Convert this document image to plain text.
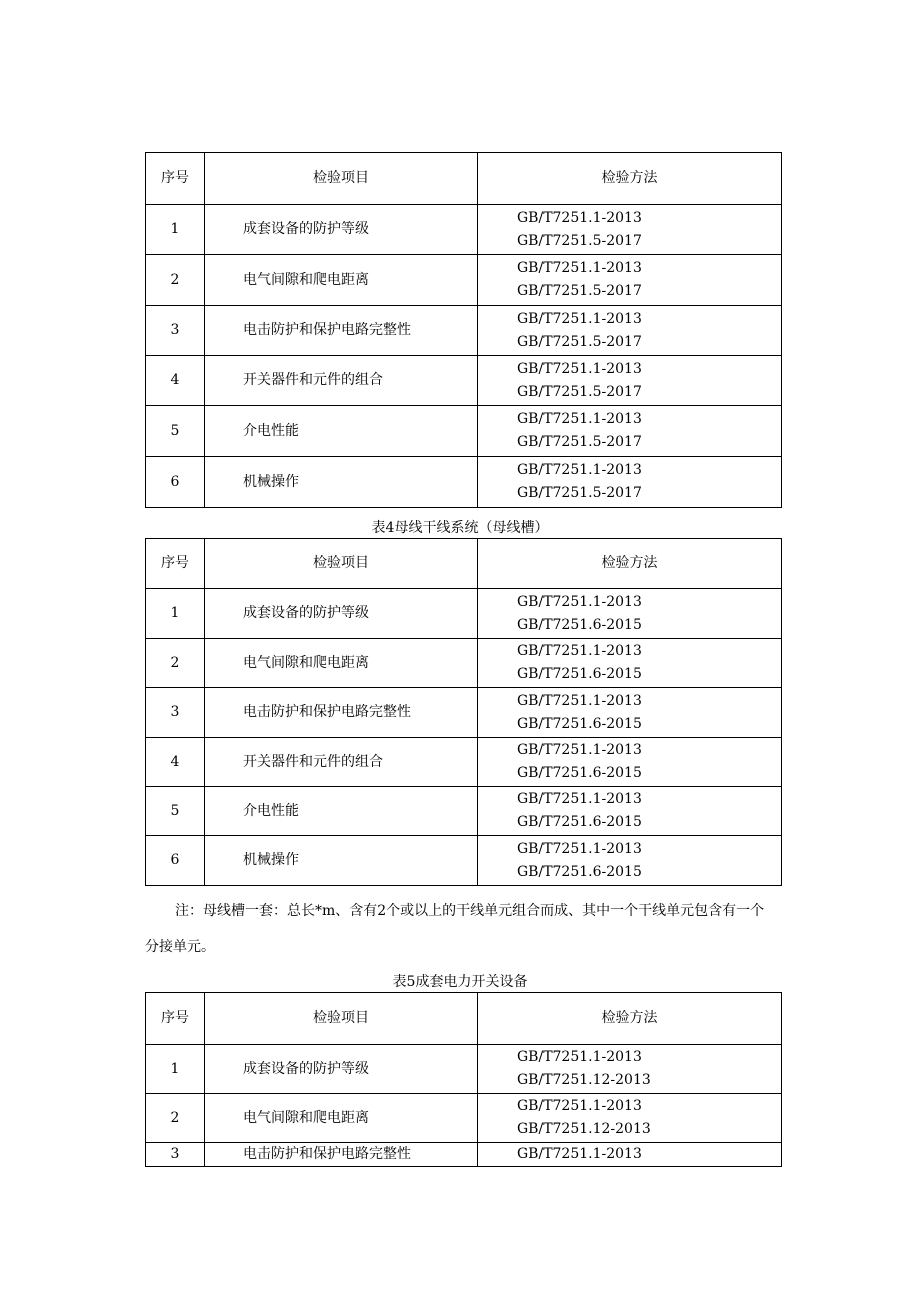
序号	检验项目	检验方法
1	成套设备的防护等级	GB/T7251.1-2013
GB/T7251.5-2017

2	电气间隙和爬电距离	GB/T7251.1-2013
GB/T7251.5-2017

3	电击防护和保护电路完整性	GB/T7251.1-2013
GB/T7251.5-2017

4	开关器件和元件的组合	GB/T7251.1-2013
GB/T7251.5-2017

5	介电性能	GB/T7251.1-2013
GB/T7251.5-2017

6	机械操作	GB/T7251.1-2013
GB/T7251.5-2017
表4母线干线系统（母线槽）
序号	检验项目	检验方法
1	成套设备的防护等级	GB/T7251.1-2013
GB/T7251.6-2015

2	电气间隙和爬电距离	GB/T7251.1-2013
GB/T7251.6-2015

3	电击防护和保护电路完整性	GB/T7251.1-2013
GB/T7251.6-2015

4	开关器件和元件的组合	GB/T7251.1-2013
GB/T7251.6-2015

5	介电性能	GB/T7251.1-2013
GB/T7251.6-2015

6	机械操作	GB/T7251.1-2013
GB/T7251.6-2015

注：母线槽一套：总长*m、含有2个或以上的干线单元组合而成、其中一个干线单元包含有一个

分接单元。

表5成套电力开关设备
序号	检验项目	检验方法
1	成套设备的防护等级	GB/T7251.1-2013
GB/T7251.12-2013

2	电气间隙和爬电距离	GB/T7251.1-2013
GB/T7251.12-2013

3	电击防护和保护电路完整性	GB/T7251.1-2013
